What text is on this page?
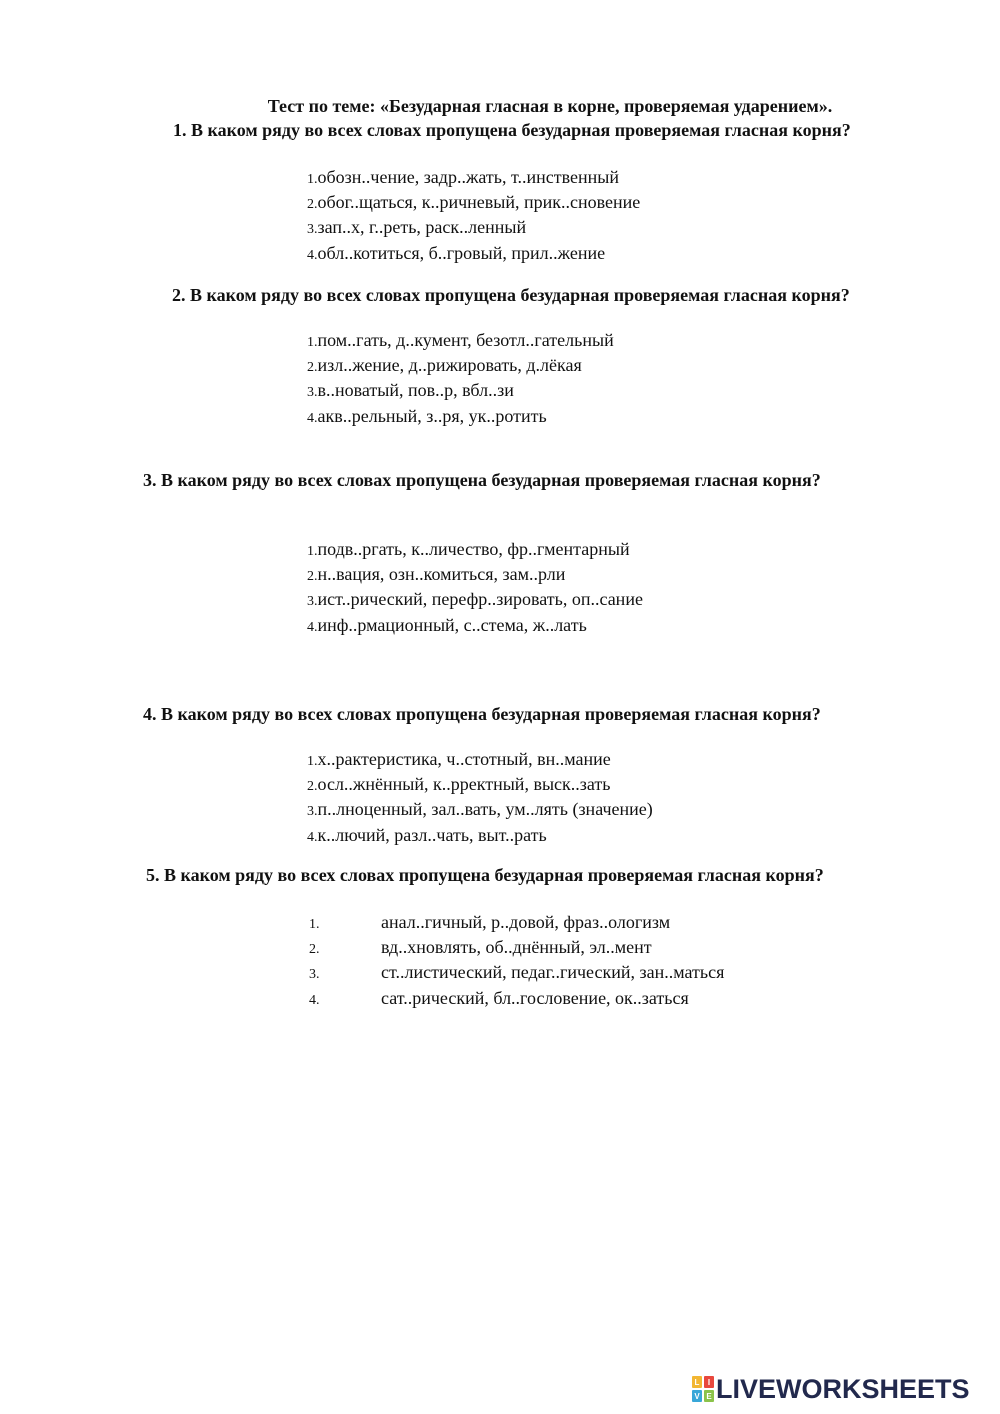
Тест по теме: «Безударная гласная в корне, проверяемая ударением».
1. В каком ряду во всех словах пропущена безударная проверяемая гласная корня?
1.обозн..чение, задр..жать, т..инственный
2.обог..щаться, к..ричневый, прик..сновение
3.зап..х, г..реть, раск..ленный
4.обл..котиться, б..гровый, прил..жение
2. В каком ряду во всех словах пропущена безударная проверяемая гласная корня?
1.пом..гать, д..кумент, безотл..гательный
2.изл..жение, д..рижировать, д.лёкая
3.в..новатый, пов..р, вбл..зи
4.акв..рельный, з..ря, ук..ротить
3. В каком ряду во всех словах пропущена безударная проверяемая гласная корня?
1.подв..ргать, к..личество, фр..гментарный
2.н..вация, озн..комиться, зам..рли
3.ист..рический, перефр..зировать, оп..сание
4.инф..рмационный, с..стема, ж..лать
4. В каком ряду во всех словах пропущена безударная проверяемая гласная корня?
1.х..рактеристика, ч..стотный, вн..мание
2.осл..жнённый, к..рректный, выск..зать
3.п..лноценный, зал..вать, ум..лять (значение)
4.к..лючий, разл..чать, выт..рать
5. В каком ряду во всех словах пропущена безударная проверяемая гласная корня?
1.	анал..гичный, р..довой, фраз..ологизм
2.	вд..хновлять, об..днённый, эл..мент
3.	ст..листический, педаг..гический, зан..маться
4.	сат..рический, бл..гословение, ок..заться
L I
V E LIVEWORKSHEETS
